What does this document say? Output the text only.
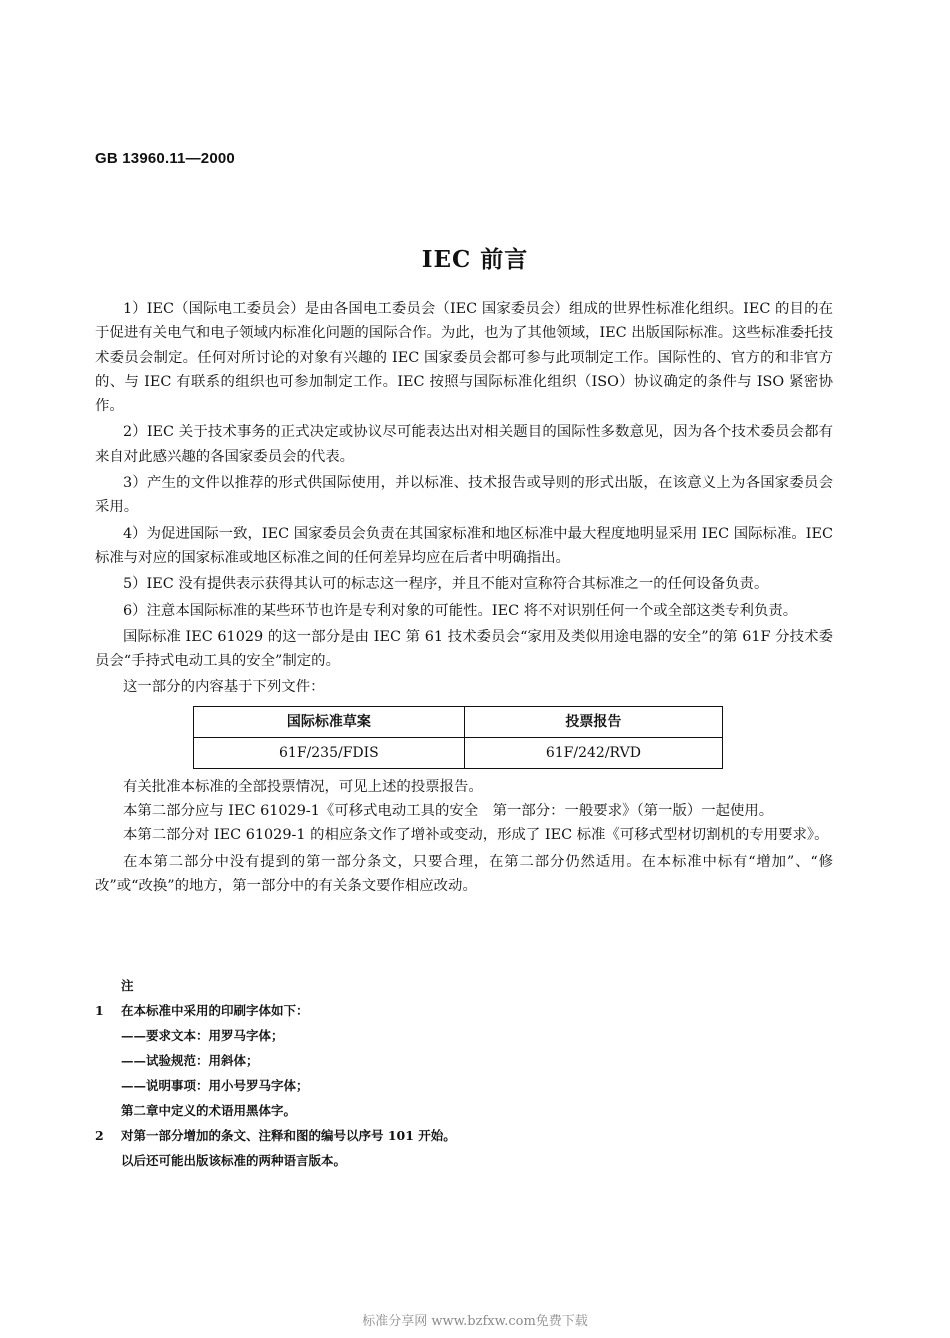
GB 13960.11—2000
IEC 前言

1）IEC（国际电工委员会）是由各国电工委员会（IEC 国家委员会）组成的世界性标准化组织。IEC 的目的在于促进有关电气和电子领域内标准化问题的国际合作。为此，也为了其他领域，IEC 出版国际标准。这些标准委托技术委员会制定。任何对所讨论的对象有兴趣的 IEC 国家委员会都可参与此项制定工作。国际性的、官方的和非官方的、与 IEC 有联系的组织也可参加制定工作。IEC 按照与国际标准化组织（ISO）协议确定的条件与 ISO 紧密协作。

2）IEC 关于技术事务的正式决定或协议尽可能表达出对相关题目的国际性多数意见，因为各个技术委员会都有来自对此感兴趣的各国家委员会的代表。

3）产生的文件以推荐的形式供国际使用，并以标准、技术报告或导则的形式出版，在该意义上为各国家委员会采用。

4）为促进国际一致，IEC 国家委员会负责在其国家标准和地区标准中最大程度地明显采用 IEC 国际标准。IEC 标准与对应的国家标准或地区标准之间的任何差异均应在后者中明确指出。

5）IEC 没有提供表示获得其认可的标志这一程序，并且不能对宣称符合其标准之一的任何设备负责。

6）注意本国际标准的某些环节也许是专利对象的可能性。IEC 将不对识别任何一个或全部这类专利负责。

国际标准 IEC 61029 的这一部分是由 IEC 第 61 技术委员会“家用及类似用途电器的安全”的第 61F 分技术委员会“手持式电动工具的安全”制定的。

这一部分的内容基于下列文件：

国际标准草案	投票报告
61F/235/FDIS	61F/242/RVD

有关批准本标准的全部投票情况，可见上述的投票报告。

本第二部分应与 IEC 61029-1《可移式电动工具的安全　第一部分：一般要求》（第一版）一起使用。

本第二部分对 IEC 61029-1 的相应条文作了增补或变动，形成了 IEC 标准《可移式型材切割机的专用要求》。

在本第二部分中没有提到的第一部分条文，只要合理，在第二部分仍然适用。在本标准中标有“增加”、“修改”或“改换”的地方，第一部分中的有关条文要作相应改动。

注
1	在本标准中采用的印刷字体如下：
——要求文本：用罗马字体；
——试验规范：用斜体；
——说明事项：用小号罗马字体；
第二章中定义的术语用黑体字。
2	对第一部分增加的条文、注释和图的编号以序号 101 开始。
以后还可能出版该标准的两种语言版本。
标准分享网 www.bzfxw.com免费下载
